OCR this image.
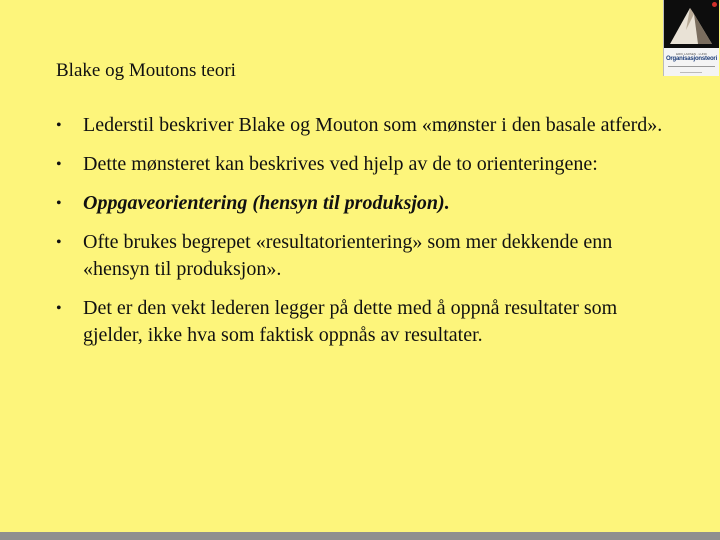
Blake og Moutons teori
• Lederstil beskriver Blake og Mouton som «mønster i den basale atferd».
• Dette mønsteret kan beskrives ved hjelp av de to orienteringene:
• Oppgaveorientering (hensyn til produksjon).
• Ofte brukes begrepet «resultatorientering» som mer dekkende enn «hensyn til produksjon».
• Det er den vekt lederen legger på dette med å oppnå resultater som gjelder, ikke hva som faktisk oppnås av resultater.
ERIK LARSEN · LUND
Organisasjonsteori
